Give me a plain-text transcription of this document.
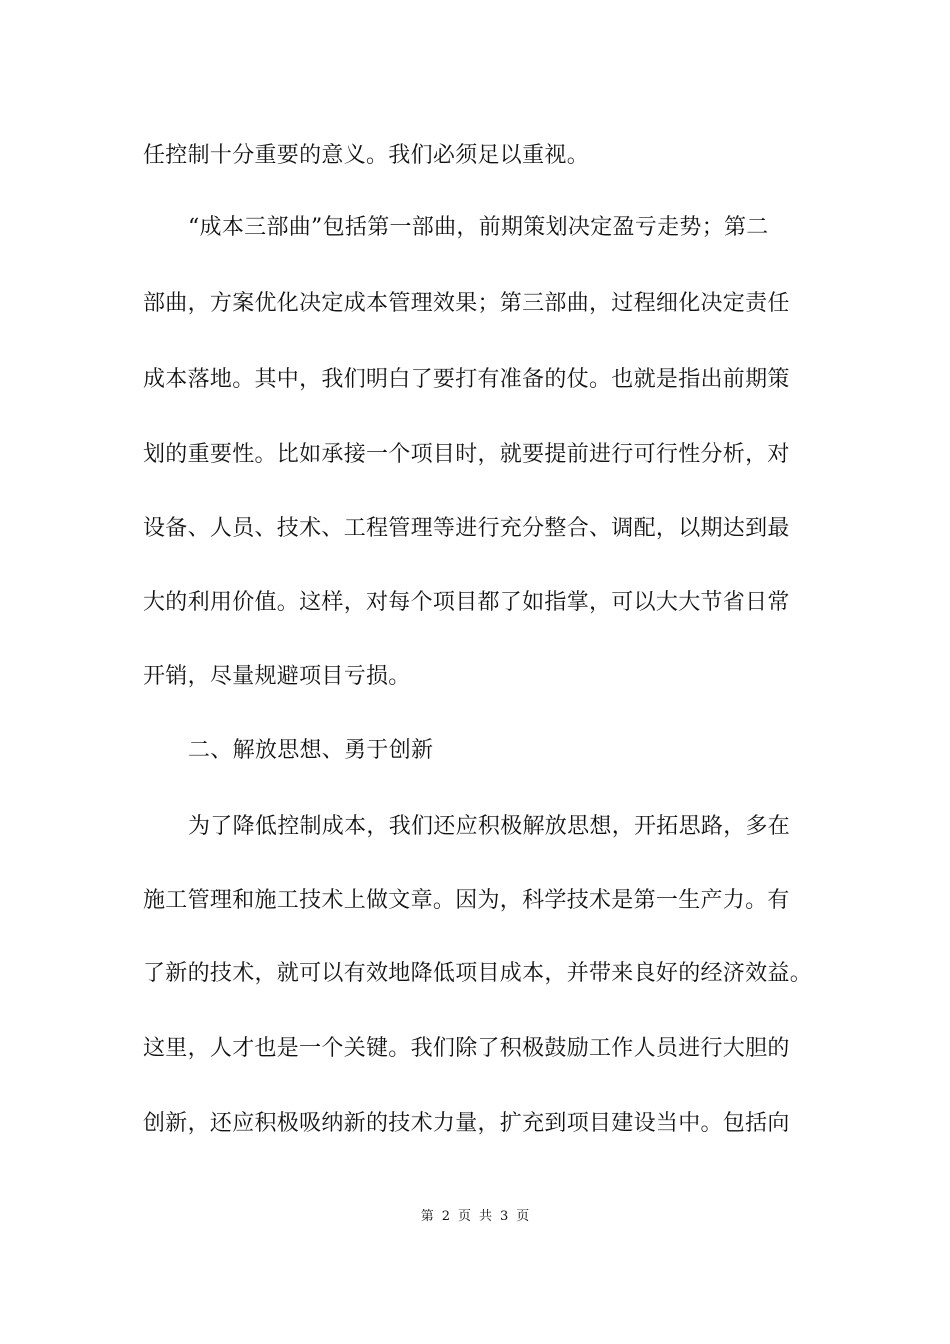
任控制十分重要的意义。我们必须足以重视。
“成本三部曲”包括第一部曲，前期策划决定盈亏走势；第二
部曲，方案优化决定成本管理效果；第三部曲，过程细化决定责任
成本落地。其中，我们明白了要打有准备的仗。也就是指出前期策
划的重要性。比如承接一个项目时，就要提前进行可行性分析，对
设备、人员、技术、工程管理等进行充分整合、调配，以期达到最
大的利用价值。这样，对每个项目都了如指掌，可以大大节省日常
开销，尽量规避项目亏损。
二、解放思想、勇于创新
为了降低控制成本，我们还应积极解放思想，开拓思路，多在
施工管理和施工技术上做文章。因为，科学技术是第一生产力。有
了新的技术，就可以有效地降低项目成本，并带来良好的经济效益。
这里，人才也是一个关键。我们除了积极鼓励工作人员进行大胆的
创新，还应积极吸纳新的技术力量，扩充到项目建设当中。包括向
第 2 页 共 3 页
